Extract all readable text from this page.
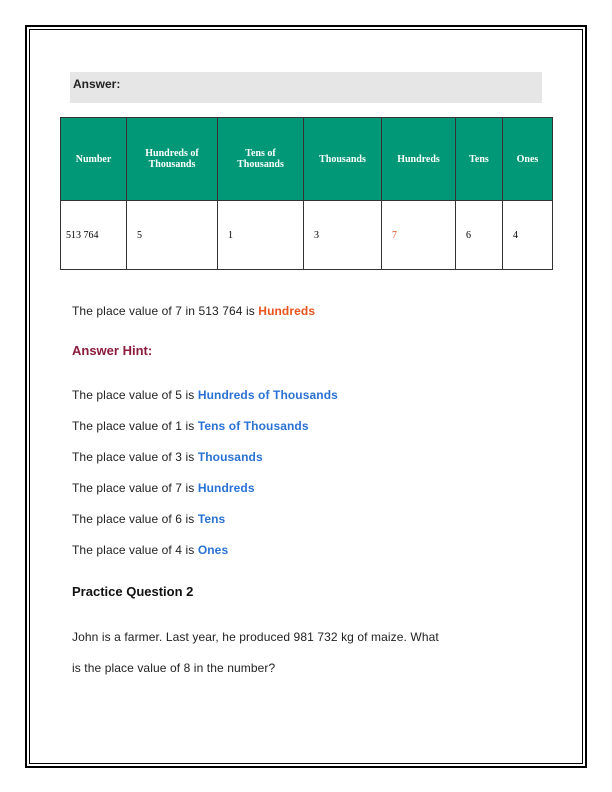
Answer:
Number	Hundreds of Thousands	Tens of Thousands	Thousands	Hundreds	Tens	Ones
513 764	5	1	3	7	6	4
The place value of 7 in 513 764 is Hundreds
Answer Hint:
The place value of 5 is Hundreds of Thousands
The place value of 1 is Tens of Thousands
The place value of 3 is Thousands
The place value of 7 is Hundreds
The place value of 6 is Tens
The place value of 4 is Ones
Practice Question 2
John is a farmer. Last year, he produced 981 732 kg of maize. What
is the place value of 8 in the number?
